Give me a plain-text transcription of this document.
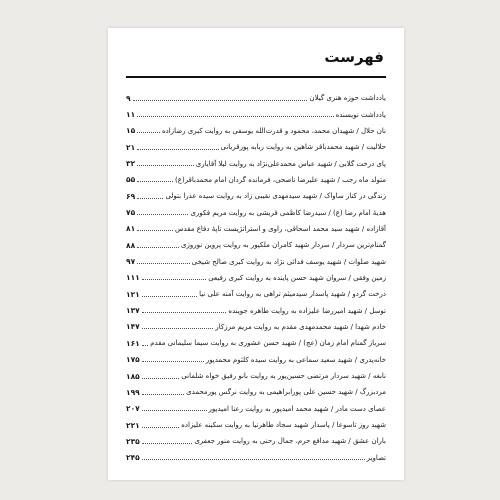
فهرست
یادداشت حوزه هنری گیلان
۹
یادداشت نویسنده
۱۱
نان حلال / شهیدان محمد، محمود و قدرت‌الله یوسفی به روایت کبری رضازاده
۱۵
حلالیت / شهید محمدباقر شاهین به روایت ربابه پورقربانی
۲۱
پای درخت گلابی / شهید عباس محمدعلی‌نژاد به روایت لیلا آقایاری
۳۲
متولد ماه رجب / شهید علیرضا ناصحی، فرمانده گردان امام محمدباقر(ع)
۵۵
زندگی در کنار ساواک / شهید سیدمهدی نقیبی زاد به روایت سیده عذرا بتولی
۶۹
هدیهٔ امام رضا (ع) / سیدرضا کاظمی قریشی به روایت مریم فکوری
۷۵
آقازاده / شهید سید محمد اسحاقی، راوی و استراتژیست تاپهٔ دفاع مقدس
۸۱
گمنام‌ترین سردار / سردار شهید کامران ملکپور به روایت پروین نوروزی
۸۸
شهید صلوات / شهید یوسف فدائی نژاد به روایت کبری صالح شیخی
۹۷
زمین وفقی / سروان شهید حسن پاینده به روایت کبری رفیعی
۱۱۱
درخت گردو / شهید پاسدار سیدمیثم تراهی به روایت آمنه علی نیا
۱۲۱
توسل / شهید امیررضا علیزاده به روایت طاهره جوینده
۱۳۷
خادم شهدا / شهید محمدمهدی مقدم به روایت مریم مرزکار
۱۴۷
سرباز گمنام امام زمان (عج) / شهید حسن عشوری به روایت سیما سلیمانی مقدم
۱۶۱
خانه‌پدری / شهید سعید سماعی به روایت سیده کلثوم محمدپور
۱۷۵
نابغه / شهید سردار مرتضی حسین‌پور به روایت بانو رفیق خواه شلمانی
۱۸۵
مردبزرگ / شهید حسین علی پورابراهیمی به روایت نرگس پورمحمدی
۱۹۹
عصای دست مادر / شهید محمد امیدپور به روایت رعنا امیدپور
۲۰۷
شهید روز تاسوعا / پاسدار شهید سجاد طاهرنیا به روایت سکینه علیزاده
۲۲۱
باران عشق / شهید مدافع حرم، جمال رحنی به روایت منور جعفری
۲۳۵
تصاویر
۲۴۵
